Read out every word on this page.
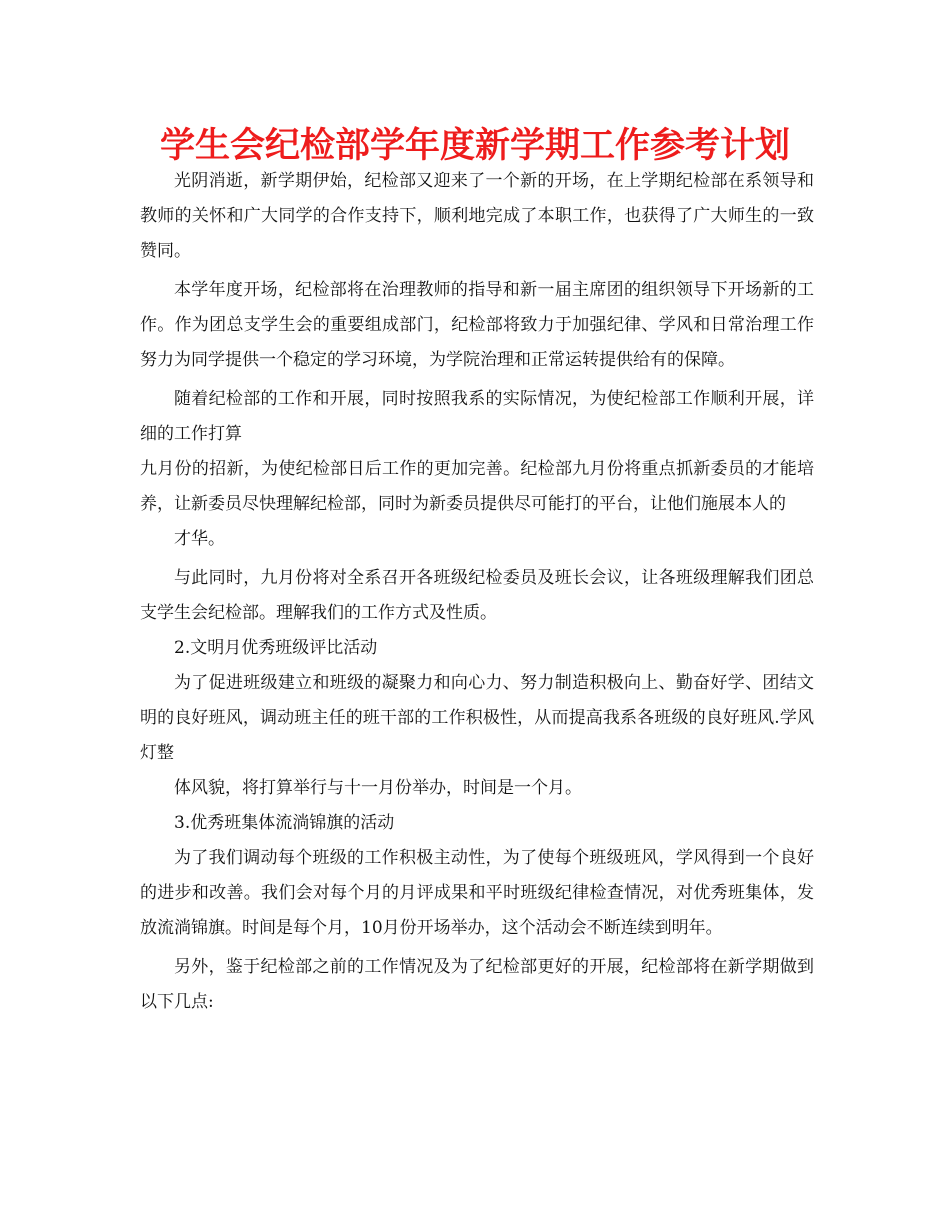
学生会纪检部学年度新学期工作参考计划

光阴消逝，新学期伊始，纪检部又迎来了一个新的开场，在上学期纪检部在系领导和教师的关怀和广大同学的合作支持下，顺利地完成了本职工作，也获得了广大师生的一致赞同。

本学年度开场，纪检部将在治理教师的指导和新一届主席团的组织领导下开场新的工作。作为团总支学生会的重要组成部门，纪检部将致力于加强纪律、学风和日常治理工作努力为同学提供一个稳定的学习环境，为学院治理和正常运转提供给有的保障。

随着纪检部的工作和开展，同时按照我系的实际情况，为使纪检部工作顺利开展，详细的工作打算

九月份的招新，为使纪检部日后工作的更加完善。纪检部九月份将重点抓新委员的才能培养，让新委员尽快理解纪检部，同时为新委员提供尽可能打的平台，让他们施展本人的

才华。

与此同时，九月份将对全系召开各班级纪检委员及班长会议，让各班级理解我们团总支学生会纪检部。理解我们的工作方式及性质。

2.文明月优秀班级评比活动

为了促进班级建立和班级的凝聚力和向心力、努力制造积极向上、勤奋好学、团结文明的良好班风，调动班主任的班干部的工作积极性，从而提高我系各班级的良好班风.学风灯整

体风貌，将打算举行与十一月份举办，时间是一个月。

3.优秀班集体流淌锦旗的活动

为了我们调动每个班级的工作积极主动性，为了使每个班级班风，学风得到一个良好的进步和改善。我们会对每个月的月评成果和平时班级纪律检查情况，对优秀班集体，发放流淌锦旗。时间是每个月，10月份开场举办，这个活动会不断连续到明年。

另外，鉴于纪检部之前的工作情况及为了纪检部更好的开展，纪检部将在新学期做到以下几点:
